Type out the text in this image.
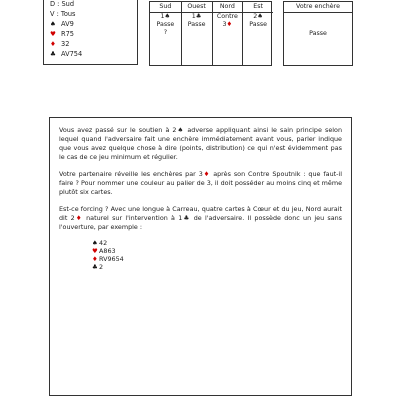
D : Sud
V : Tous
♠ AV9
♥ R75
♦ 32
♣ AV754
Sud
1♠
Passe
?
Ouest
1♣
Passe
Nord
Contre
3♦
Est
2♠
Passe
Votre enchère
Passe

Vous avez passé sur le soutien à 2♠ adverse appliquant ainsi le sain principe selon lequel quand l'adversaire fait une enchère immédiatement avant vous, parler indique que vous avez quelque chose à dire (points, distribution) ce qui n'est évidemment pas le cas de ce jeu minimum et régulier.

Votre partenaire réveille les enchères par 3♦ après son Contre Spoutnik : que faut-il faire ? Pour nommer une couleur au palier de 3, il doit posséder au moins cinq et même plutôt six cartes.

Est-ce forcing ? Avec une longue à Carreau, quatre cartes à Cœur et du jeu, Nord aurait dit 2♦ naturel sur l'intervention à 1♣ de l'adversaire. Il possède donc un jeu sans l'ouverture, par exemple :

♠42
♥A863
♦RV9654
♣2
